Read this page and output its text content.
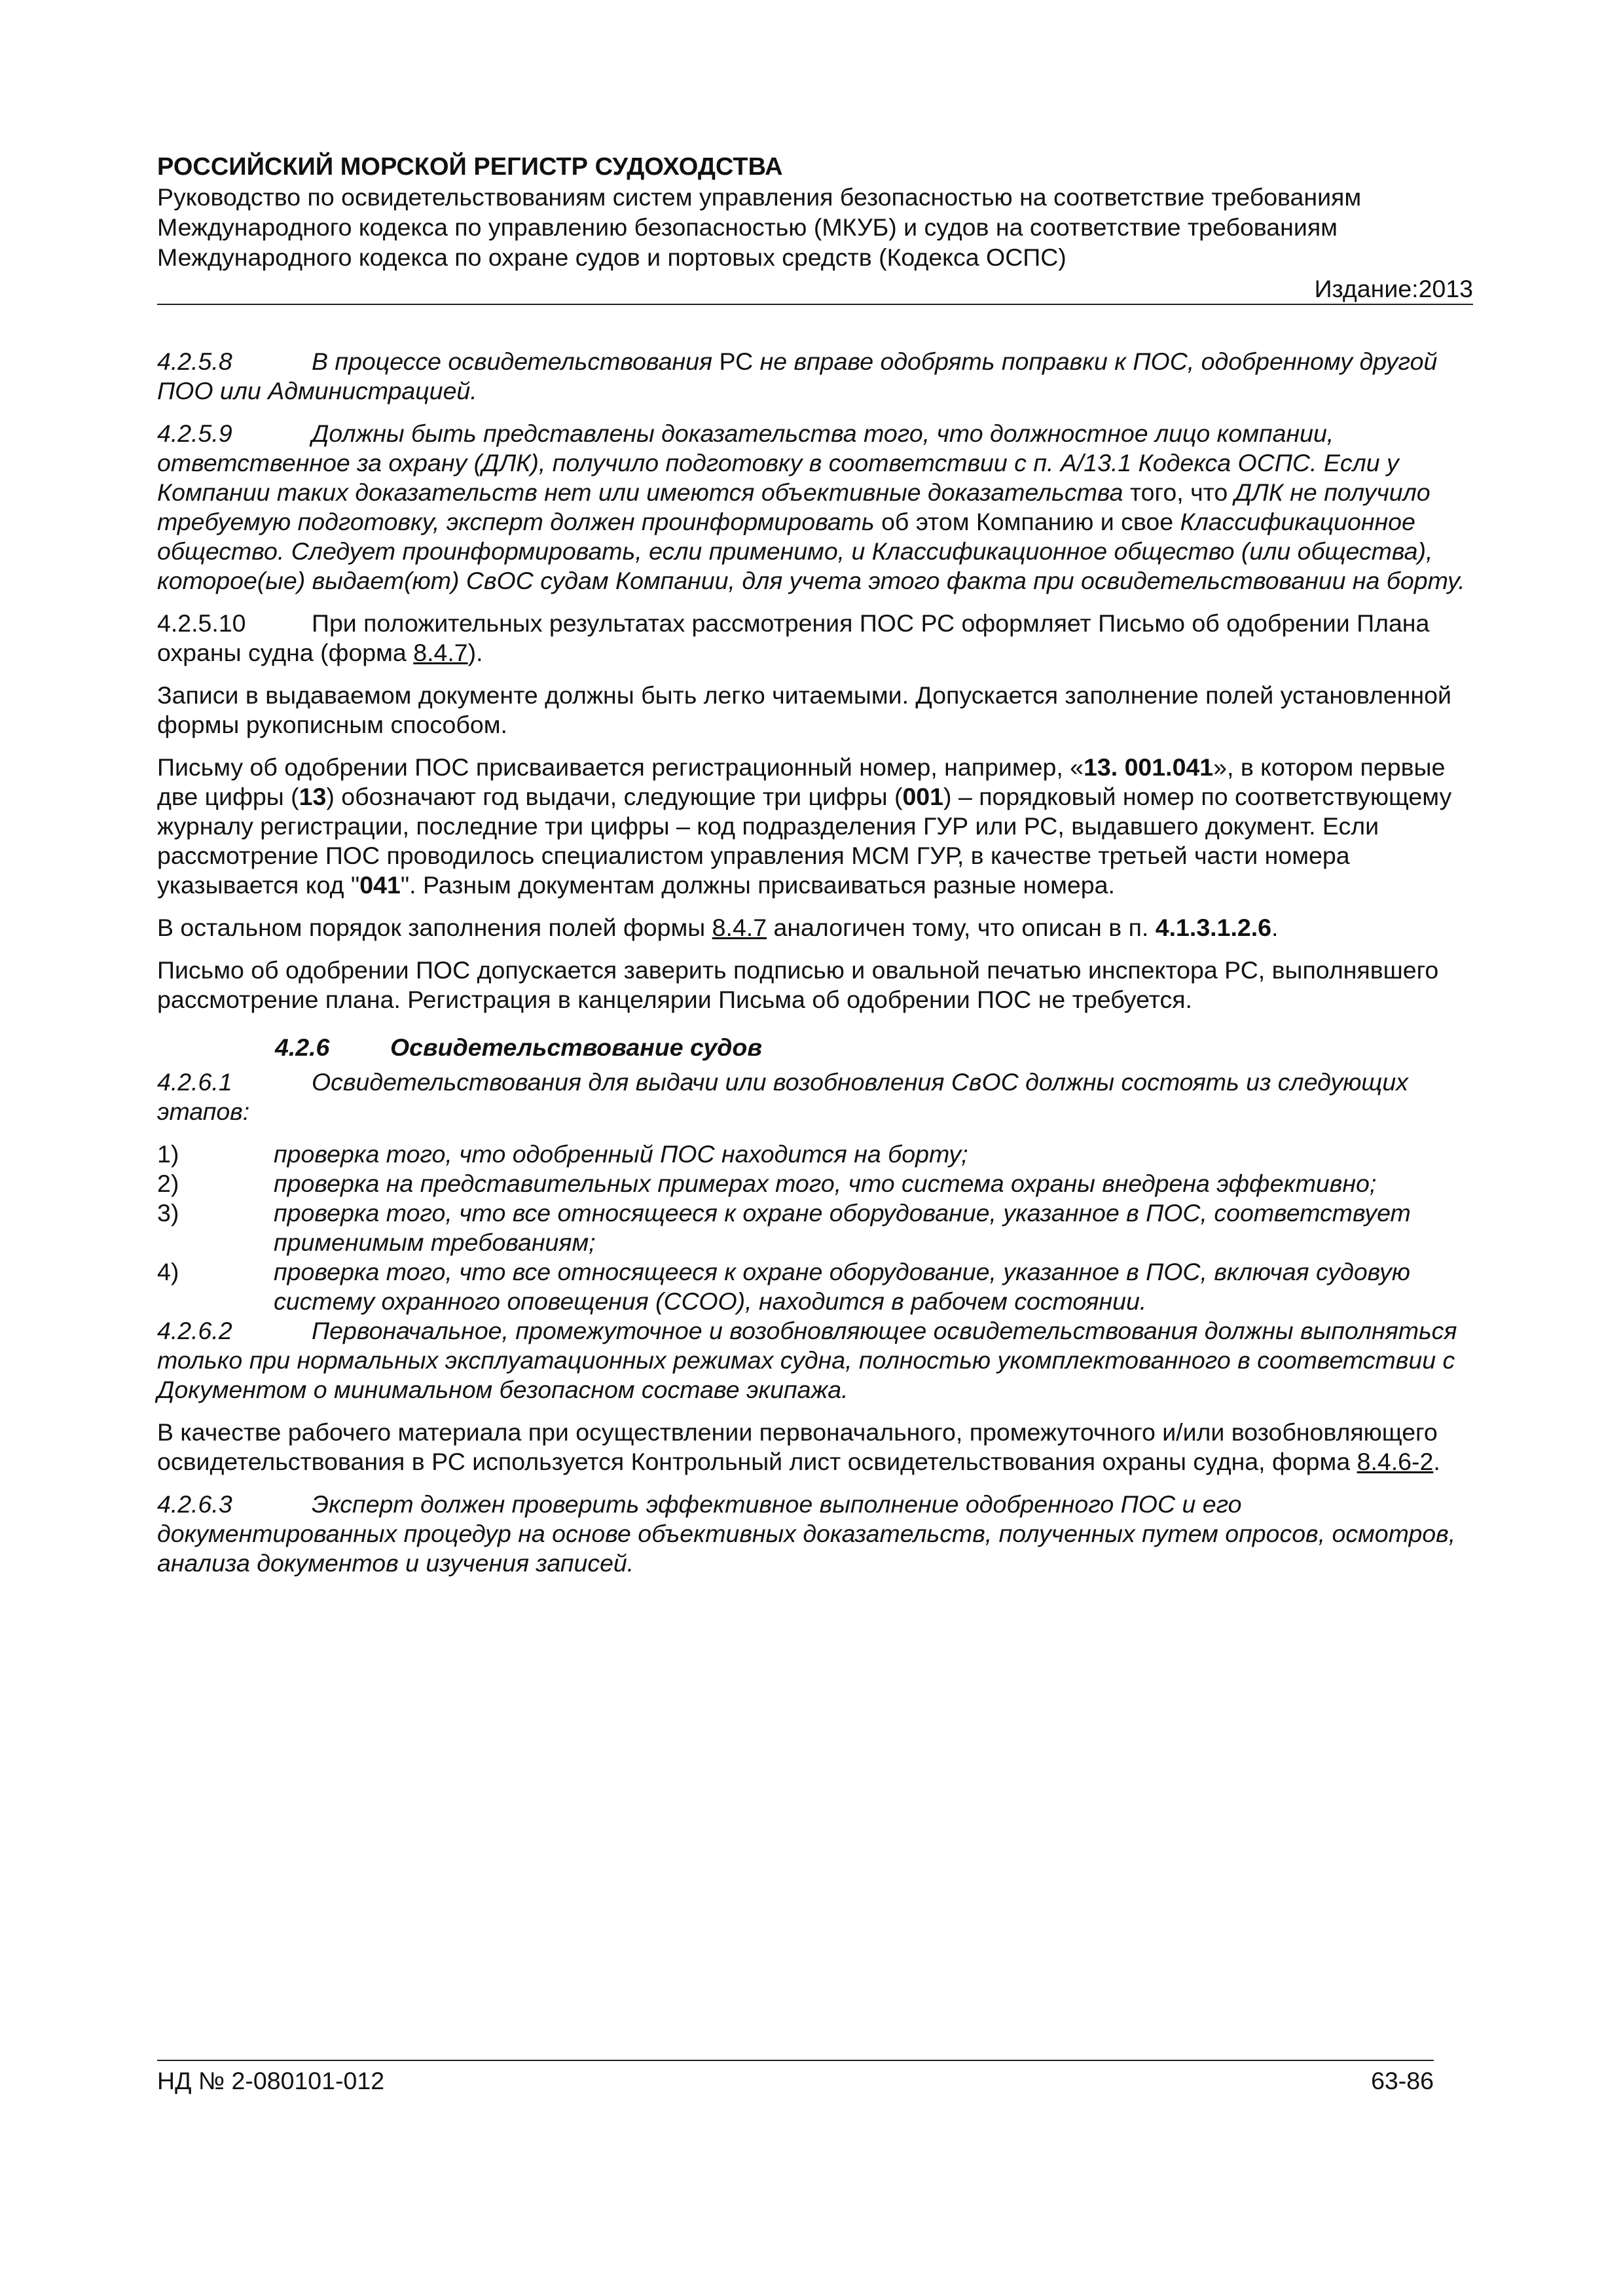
РОССИЙСКИЙ МОРСКОЙ РЕГИСТР СУДОХОДСТВА

Руководство по освидетельствованиям систем управления безопасностью на соответствие требованиям Международного кодекса по управлению безопасностью (МКУБ) и судов на соответствие требованиям Международного кодекса по охране судов и портовых средств (Кодекса ОСПС)

Издание:2013

4.2.5.8	В процессе освидетельствования РС не вправе одобрять поправки к ПОС, одобренному другой ПОО или Администрацией.

4.2.5.9	Должны быть представлены доказательства того, что должностное лицо компании, ответственное за охрану (ДЛК), получило подготовку в соответствии с п. А/13.1 Кодекса ОСПС. Если у Компании таких доказательств нет или имеются объективные доказательства того, что ДЛК не получило требуемую подготовку, эксперт должен проинформировать об этом Компанию и свое Классификационное общество. Следует проинформировать, если применимо, и Классификационное общество (или общества), которое(ые) выдает(ют) СвОС судам Компании, для учета этого факта при освидетельствовании на борту.

4.2.5.10	При положительных результатах рассмотрения ПОС РС оформляет Письмо об одобрении Плана охраны судна (форма 8.4.7).

Записи в выдаваемом документе должны быть легко читаемыми. Допускается заполнение полей установленной формы рукописным способом.

Письму об одобрении ПОС присваивается регистрационный номер, например, «13. 001.041», в котором первые две цифры (13) обозначают год выдачи, следующие три цифры (001) – порядковый номер по соответствующему журналу регистрации, последние три цифры – код подразделения ГУР или РС, выдавшего документ. Если рассмотрение ПОС проводилось специалистом управления МСМ ГУР, в качестве третьей части номера указывается код "041". Разным документам должны присваиваться разные номера.

В остальном порядок заполнения полей формы 8.4.7 аналогичен тому, что описан в п. 4.1.3.1.2.6.

Письмо об одобрении ПОС допускается заверить подписью и овальной печатью инспектора РС, выполнявшего рассмотрение плана. Регистрация в канцелярии Письма об одобрении ПОС не требуется.

4.2.6 Освидетельствование судов

4.2.6.1	Освидетельствования для выдачи или возобновления СвОС должны состоять из следующих этапов:

1)	проверка того, что одобренный ПОС находится на борту;
2)	проверка на представительных примерах того, что система охраны внедрена эффективно;
3)	проверка того, что все относящееся к охране оборудование, указанное в ПОС, соответствует применимым требованиям;
4)	проверка того, что все относящееся к охране оборудование, указанное в ПОС, включая судовую систему охранного оповещения (ССОО), находится в рабочем состоянии.

4.2.6.2	Первоначальное, промежуточное и возобновляющее освидетельствования должны выполняться только при нормальных эксплуатационных режимах судна, полностью укомплектованного в соответствии с Документом о минимальном безопасном составе экипажа.

В качестве рабочего материала при осуществлении первоначального, промежуточного и/или возобновляющего освидетельствования в РС используется Контрольный лист освидетельствования охраны судна, форма 8.4.6-2.

4.2.6.3	Эксперт должен проверить эффективное выполнение одобренного ПОС и его документированных процедур на основе объективных доказательств, полученных путем опросов, осмотров, анализа документов и изучения записей.

НД № 2-080101-012	63-86
